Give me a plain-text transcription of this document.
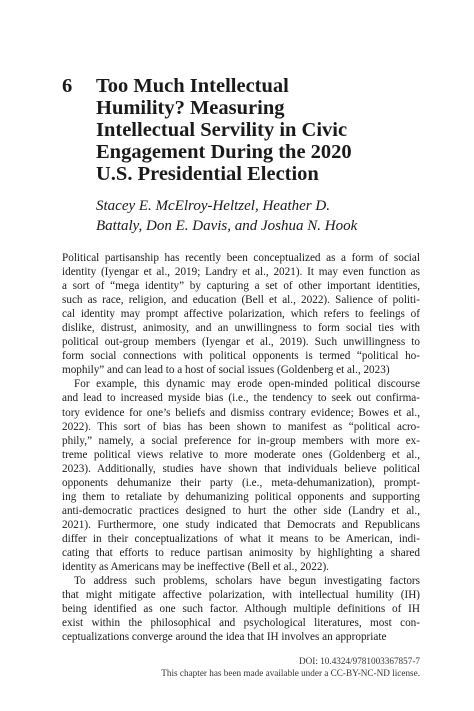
6	Too Much Intellectual
Humility? Measuring
Intellectual Servility in Civic
Engagement During the 2020
U.S. Presidential Election
Stacey E. McElroy-Heltzel, Heather D.
Battaly, Don E. Davis, and Joshua N. Hook
Political partisanship has recently been conceptualized as a form of social
identity (Iyengar et al., 2019; Landry et al., 2021). It may even function as
a sort of “mega identity” by capturing a set of other important identities,
such as race, religion, and education (Bell et al., 2022). Salience of politi-
cal identity may prompt affective polarization, which refers to feelings of
dislike, distrust, animosity, and an unwillingness to form social ties with
political out-group members (Iyengar et al., 2019). Such unwillingness to
form social connections with political opponents is termed “political ho-
mophily” and can lead to a host of social issues (Goldenberg et al., 2023)
For example, this dynamic may erode open-minded political discourse
and lead to increased myside bias (i.e., the tendency to seek out confirma-
tory evidence for one’s beliefs and dismiss contrary evidence; Bowes et al.,
2022). This sort of bias has been shown to manifest as “political acro-
phily,” namely, a social preference for in-group members with more ex-
treme political views relative to more moderate ones (Goldenberg et al.,
2023). Additionally, studies have shown that individuals believe political
opponents dehumanize their party (i.e., meta-dehumanization), prompt-
ing them to retaliate by dehumanizing political opponents and supporting
anti-democratic practices designed to hurt the other side (Landry et al.,
2021). Furthermore, one study indicated that Democrats and Republicans
differ in their conceptualizations of what it means to be American, indi-
cating that efforts to reduce partisan animosity by highlighting a shared
identity as Americans may be ineffective (Bell et al., 2022).
To address such problems, scholars have begun investigating factors
that might mitigate affective polarization, with intellectual humility (IH)
being identified as one such factor. Although multiple definitions of IH
exist within the philosophical and psychological literatures, most con-
ceptualizations converge around the idea that IH involves an appropriate
DOI: 10.4324/9781003367857-7
This chapter has been made available under a CC-BY-NC-ND license.
